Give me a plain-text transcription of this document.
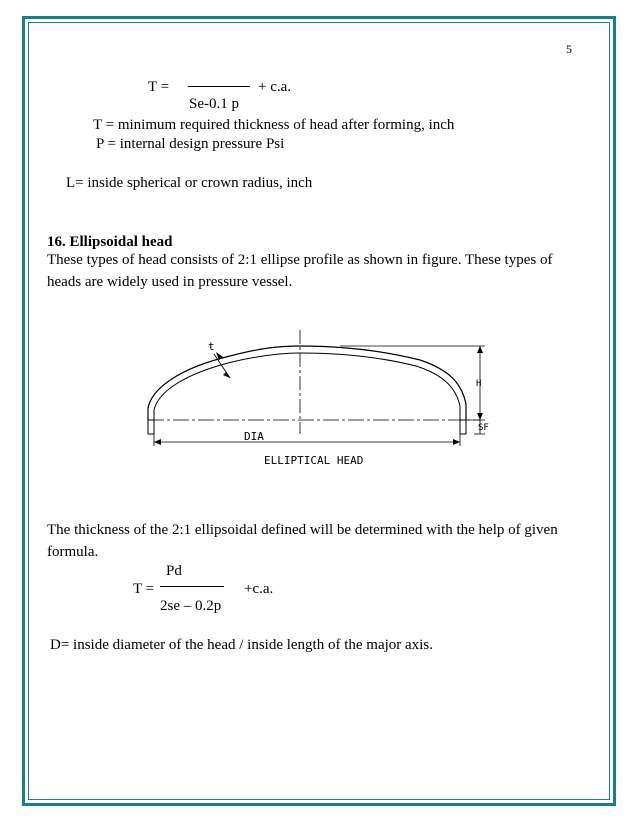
5
T =	+ c.a.
Se-0.1 p
T = minimum required thickness of head after forming, inch
P = internal design pressure Psi
L= inside spherical or crown radius, inch
16. Ellipsoidal head
These types of head consists of 2:1 ellipse profile as shown in figure. These types of heads are widely used in pressure vessel.
t
H
SF
DIA
ELLIPTICAL HEAD
The thickness of the 2:1 ellipsoidal defined will be determined with the help of given formula.
Pd
T =	+c.a.
2se – 0.2p
D= inside diameter of the head / inside length of the major axis.
